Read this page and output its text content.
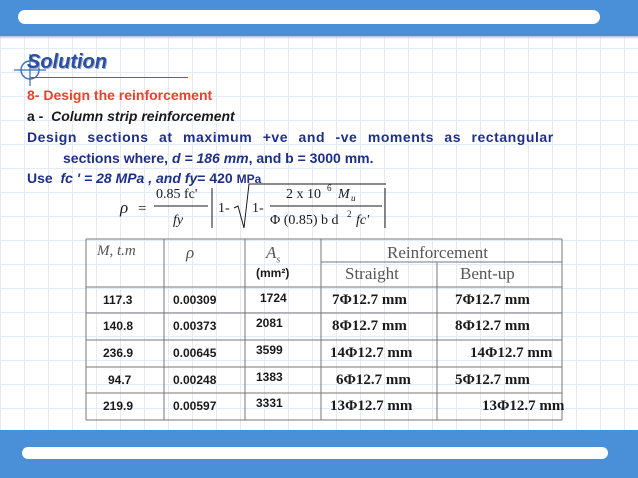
Solution
8- Design the reinforcement
a - Column strip reinforcement
Design sections at maximum +ve and -ve moments as rectangular
sections where, d = 186 mm, and b = 3000 mm.
Use fc ' = 28 MPa , and fy= 420 MPa
ρ =
0.85 fc'
fy
1- 1-
2 x 10 6 M u
Φ (0.85) b d 2 fc'
M, t.m	ρ	$A_s$
(mm²)
Reinforcement
Straight	Bent-up
117.3	0.00309	1724	7Φ12.7 mm	7Φ12.7 mm
140.8	0.00373	2081	8Φ12.7 mm	8Φ12.7 mm
236.9	0.00645	3599	14Φ12.7 mm	14Φ12.7 mm
94.7	0.00248	1383	6Φ12.7 mm	5Φ12.7 mm
219.9	0.00597	3331	13Φ12.7 mm	13Φ12.7 mm
